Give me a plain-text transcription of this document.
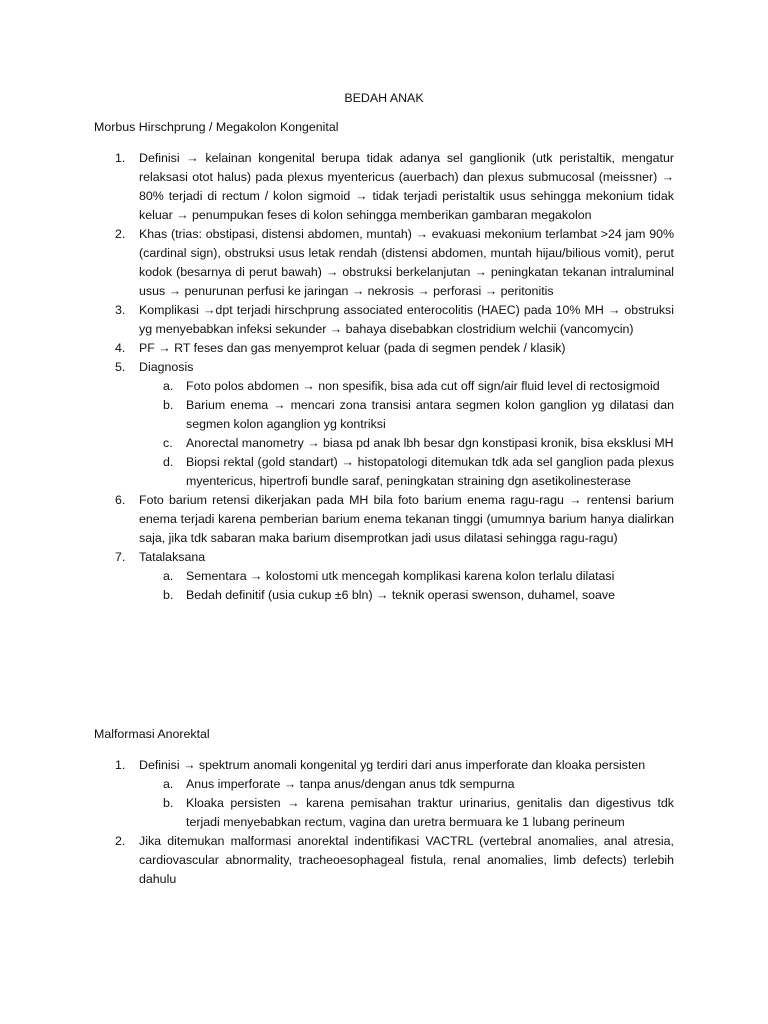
BEDAH ANAK
Morbus Hirschprung / Megakolon Kongenital
1. Definisi → kelainan kongenital berupa tidak adanya sel ganglionik (utk peristaltik, mengatur relaksasi otot halus) pada plexus myentericus (auerbach) dan plexus submucosal (meissner) → 80% terjadi di rectum / kolon sigmoid → tidak terjadi peristaltik usus sehingga mekonium tidak keluar → penumpukan feses di kolon sehingga memberikan gambaran megakolon
2. Khas (trias: obstipasi, distensi abdomen, muntah) → evakuasi mekonium terlambat >24 jam 90% (cardinal sign), obstruksi usus letak rendah (distensi abdomen, muntah hijau/bilious vomit), perut kodok (besarnya di perut bawah) → obstruksi berkelanjutan → peningkatan tekanan intraluminal usus → penurunan perfusi ke jaringan → nekrosis → perforasi → peritonitis
3. Komplikasi →dpt terjadi hirschprung associated enterocolitis (HAEC) pada 10% MH → obstruksi yg menyebabkan infeksi sekunder → bahaya disebabkan clostridium welchii (vancomycin)
4. PF → RT feses dan gas menyemprot keluar (pada di segmen pendek / klasik)
5. Diagnosis
a. Foto polos abdomen → non spesifik, bisa ada cut off sign/air fluid level di rectosigmoid
b. Barium enema → mencari zona transisi antara segmen kolon ganglion yg dilatasi dan segmen kolon aganglion yg kontriksi
c. Anorectal manometry → biasa pd anak lbh besar dgn konstipasi kronik, bisa eksklusi MH
d. Biopsi rektal (gold standart) → histopatologi ditemukan tdk ada sel ganglion pada plexus myentericus, hipertrofi bundle saraf, peningkatan straining dgn asetikolinesterase
6. Foto barium retensi dikerjakan pada MH bila foto barium enema ragu-ragu → rentensi barium enema terjadi karena pemberian barium enema tekanan tinggi (umumnya barium hanya dialirkan saja, jika tdk sabaran maka barium disemprotkan jadi usus dilatasi sehingga ragu-ragu)
7. Tatalaksana
a. Sementara → kolostomi utk mencegah komplikasi karena kolon terlalu dilatasi
b. Bedah definitif (usia cukup ±6 bln) → teknik operasi swenson, duhamel, soave
Malformasi Anorektal
1. Definisi → spektrum anomali kongenital yg terdiri dari anus imperforate dan kloaka persisten
a. Anus imperforate → tanpa anus/dengan anus tdk sempurna
b. Kloaka persisten → karena pemisahan traktur urinarius, genitalis dan digestivus tdk terjadi menyebabkan rectum, vagina dan uretra bermuara ke 1 lubang perineum
2. Jika ditemukan malformasi anorektal indentifikasi VACTRL (vertebral anomalies, anal atresia, cardiovascular abnormality, tracheoesophageal fistula, renal anomalies, limb defects) terlebih dahulu
